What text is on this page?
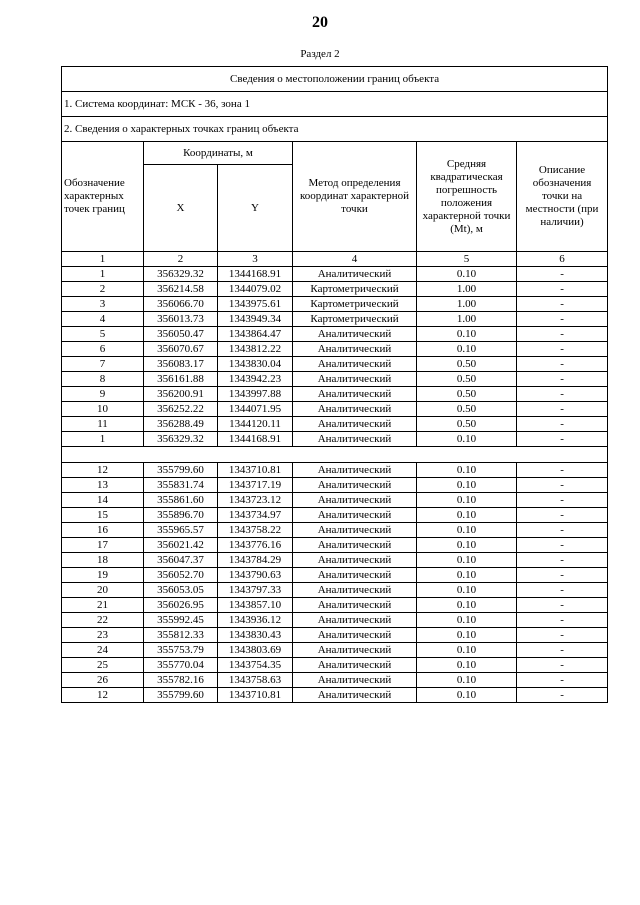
20
Раздел 2
Сведения о местоположении границ объекта					
1. Система координат: МСК - 36, зона 1					
2. Сведения о характерных точках границ объекта					
Обозначение характерных точек границ	Координаты, м		Метод определения координат характерной точки	Средняя квадратическая погрешность положения характерной точки (Mt), м	Описание обозначения точки на местности (при наличии)
	X	Y			
1	2	3	4	5	6
1	356329.32	1344168.91	Аналитический	0.10	-
2	356214.58	1344079.02	Картометрический	1.00	-
3	356066.70	1343975.61	Картометрический	1.00	-
4	356013.73	1343949.34	Картометрический	1.00	-
5	356050.47	1343864.47	Аналитический	0.10	-
6	356070.67	1343812.22	Аналитический	0.10	-
7	356083.17	1343830.04	Аналитический	0.50	-
8	356161.88	1343942.23	Аналитический	0.50	-
9	356200.91	1343997.88	Аналитический	0.50	-
10	356252.22	1344071.95	Аналитический	0.50	-
11	356288.49	1344120.11	Аналитический	0.50	-
1	356329.32	1344168.91	Аналитический	0.10	-

12	355799.60	1343710.81	Аналитический	0.10	-
13	355831.74	1343717.19	Аналитический	0.10	-
14	355861.60	1343723.12	Аналитический	0.10	-
15	355896.70	1343734.97	Аналитический	0.10	-
16	355965.57	1343758.22	Аналитический	0.10	-
17	356021.42	1343776.16	Аналитический	0.10	-
18	356047.37	1343784.29	Аналитический	0.10	-
19	356052.70	1343790.63	Аналитический	0.10	-
20	356053.05	1343797.33	Аналитический	0.10	-
21	356026.95	1343857.10	Аналитический	0.10	-
22	355992.45	1343936.12	Аналитический	0.10	-
23	355812.33	1343830.43	Аналитический	0.10	-
24	355753.79	1343803.69	Аналитический	0.10	-
25	355770.04	1343754.35	Аналитический	0.10	-
26	355782.16	1343758.63	Аналитический	0.10	-
12	355799.60	1343710.81	Аналитический	0.10	-
